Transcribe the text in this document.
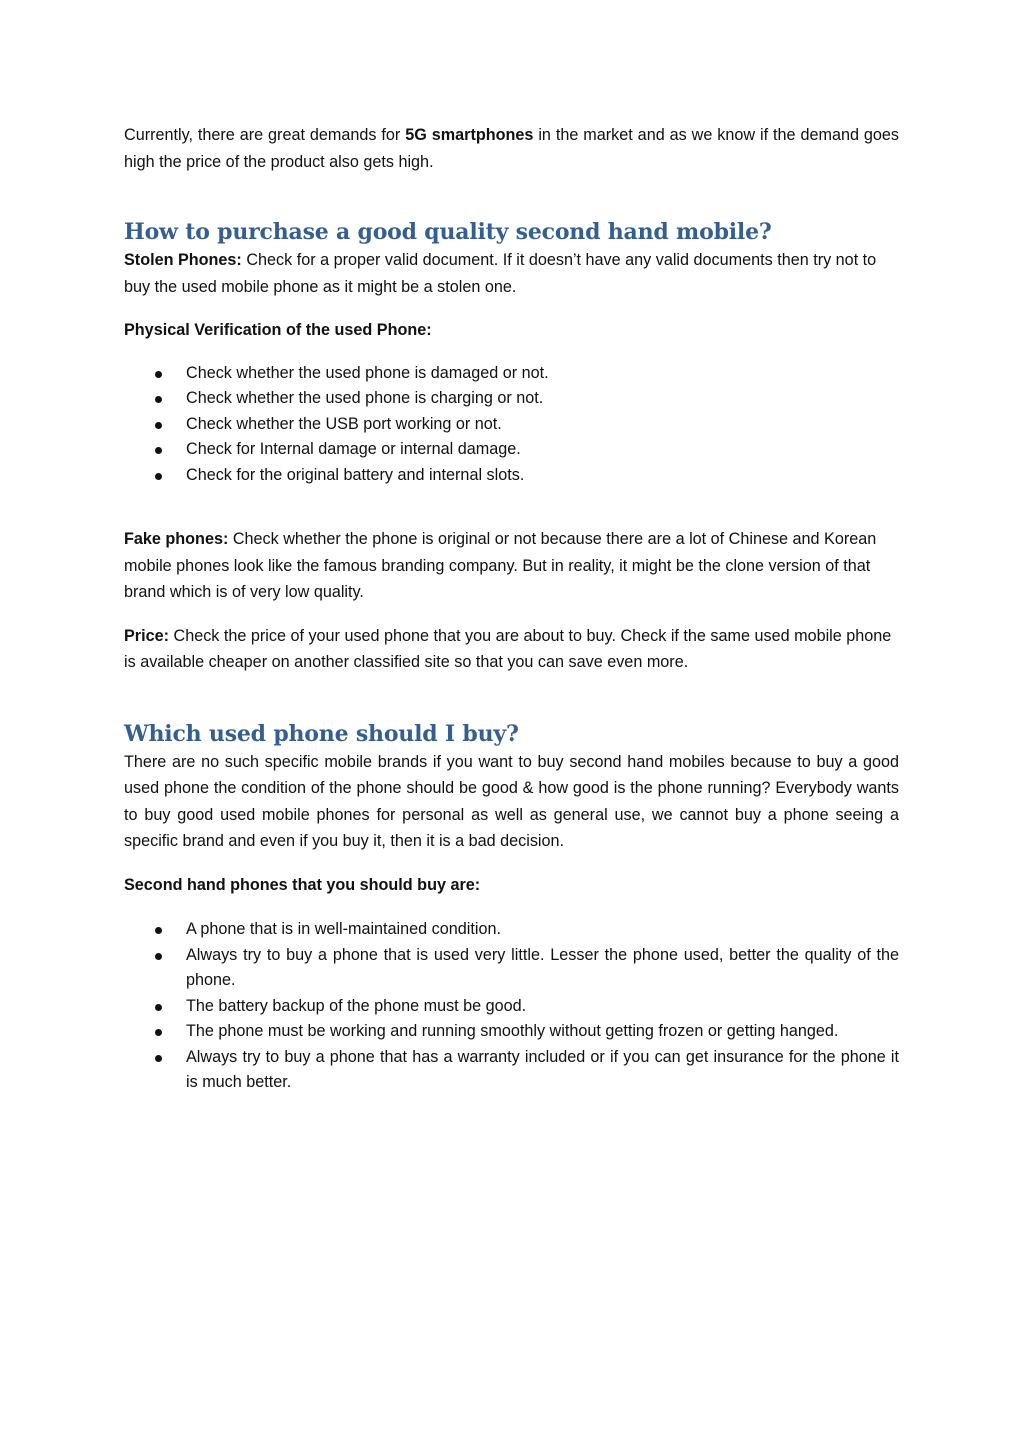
Currently, there are great demands for 5G smartphones in the market and as we know if the demand goes high the price of the product also gets high.

How to purchase a good quality second hand mobile?

Stolen Phones: Check for a proper valid document. If it doesn’t have any valid documents then try not to buy the used mobile phone as it might be a stolen one.

Physical Verification of the used Phone:

Check whether the used phone is damaged or not.
Check whether the used phone is charging or not.
Check whether the USB port working or not.
Check for Internal damage or internal damage.
Check for the original battery and internal slots.

Fake phones: Check whether the phone is original or not because there are a lot of Chinese and Korean mobile phones look like the famous branding company. But in reality, it might be the clone version of that brand which is of very low quality.

Price: Check the price of your used phone that you are about to buy. Check if the same used mobile phone is available cheaper on another classified site so that you can save even more.

Which used phone should I buy?

There are no such specific mobile brands if you want to buy second hand mobiles because to buy a good used phone the condition of the phone should be good & how good is the phone running? Everybody wants to buy good used mobile phones for personal as well as general use, we cannot buy a phone seeing a specific brand and even if you buy it, then it is a bad decision.

Second hand phones that you should buy are:

A phone that is in well-maintained condition.
Always try to buy a phone that is used very little. Lesser the phone used, better the quality of the phone.
The battery backup of the phone must be good.
The phone must be working and running smoothly without getting frozen or getting hanged.
Always try to buy a phone that has a warranty included or if you can get insurance for the phone it is much better.
